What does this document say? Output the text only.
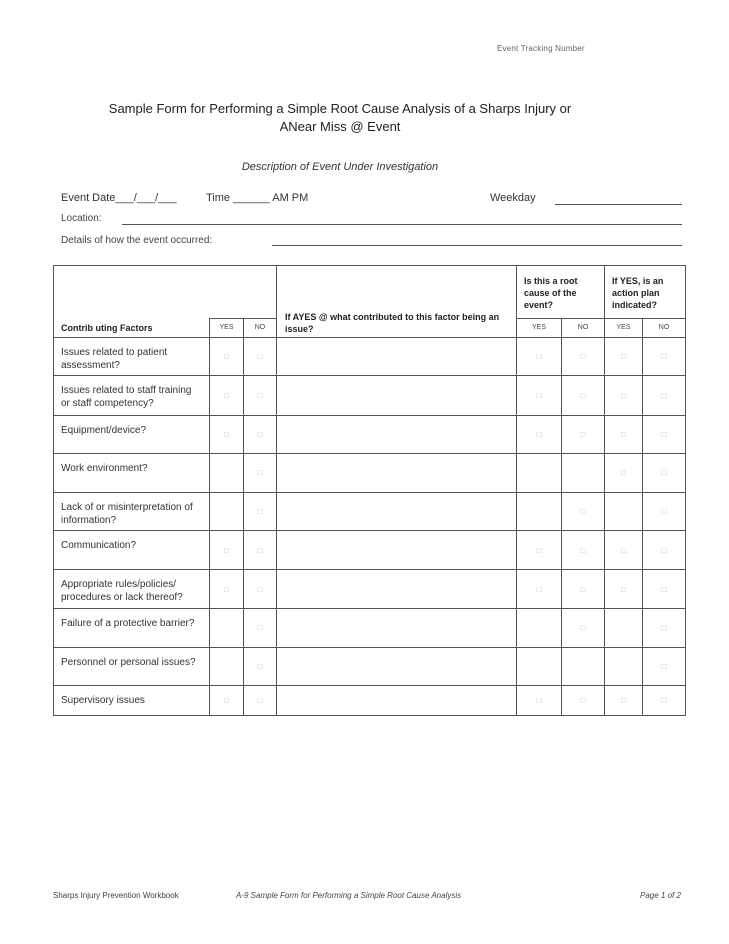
Event Tracking Number
Sample Form for Performing a Simple Root Cause Analysis of a Sharps Injury or
ANear Miss @ Event
Description of Event Under Investigation
Event Date___/___/___	Time ______ AM PM	Weekday
Location:
Details of how the event occurred:
			If AYES @ what contributed to this factor being an issue?	Is this a root cause of the event?		If YES, is an action plan indicated?	
Contrib uting Factors	YES	NO		YES	NO	YES	NO
Issues related to patient assessment?	□	□		□	□	□	□
Issues related to staff training or staff competency?	□	□		□	□	□	□
Equipment/device?	□	□		□	□	□	□
Work environment?		□				□	□
Lack of or misinterpretation of information?		□			□		□
Communication?	□	□		□	□	□	□
Appropriate rules/policies/ procedures or lack thereof?	□	□		□	□	□	□
Failure of a protective barrier?		□			□		□
Personnel or personal issues?		□					□
Supervisory issues	□	□		□	□	□	□
Sharps Injury Prevention Workbook	A-9 Sample Form for Performing a Simple Root Cause Analysis	Page 1 of 2
